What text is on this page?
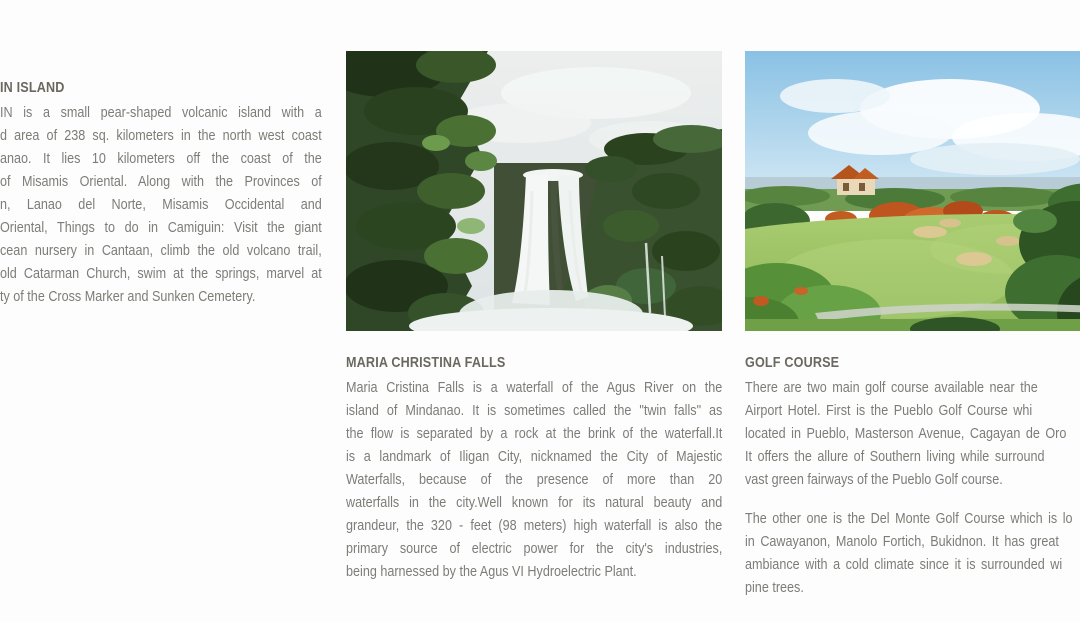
IN ISLAND
IN is a small pear-shaped volcanic island with a
d area of 238 sq. kilometers in the north west coast
anao. It lies 10 kilometers off the coast of the
of Misamis Oriental. Along with the Provinces of
n, Lanao del Norte, Misamis Occidental and
Oriental, Things to do in Camiguin: Visit the giant
cean nursery in Cantaan, climb the old volcano trail,
old Catarman Church, swim at the springs, marvel at
ty of the Cross Marker and Sunken Cemetery.
MARIA CHRISTINA FALLS
Maria Cristina Falls is a waterfall of the Agus River on the
island of Mindanao. It is sometimes called the "twin falls" as
the flow is separated by a rock at the brink of the waterfall.It
is a landmark of Iligan City, nicknamed the City of Majestic
Waterfalls, because of the presence of more than 20
waterfalls in the city.Well known for its natural beauty and
grandeur, the 320 - feet (98 meters) high waterfall is also the
primary source of electric power for the city's industries,
being harnessed by the Agus VI Hydroelectric Plant.
GOLF COURSE
There are two main golf course available near the
Airport Hotel. First is the Pueblo Golf Course whi
located in Pueblo, Masterson Avenue, Cagayan de Oro
It offers the allure of Southern living while surround
vast green fairways of the Pueblo Golf course.
The other one is the Del Monte Golf Course which is lo
in Cawayanon, Manolo Fortich, Bukidnon. It has great
ambiance with a cold climate since it is surrounded wi
pine trees.
